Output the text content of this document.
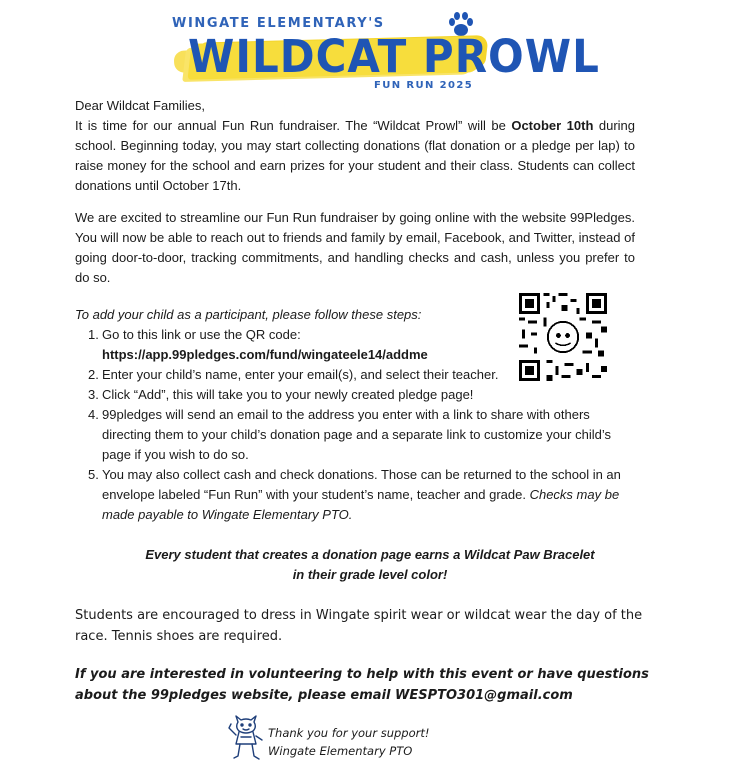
WINGATE ELEMENTARY'S
WILDCAT PROWL
FUN RUN 2025
Dear Wildcat Families,
It is time for our annual Fun Run fundraiser. The “Wildcat Prowl” will be October 10th during school. Beginning today, you may start collecting donations (flat donation or a pledge per lap) to raise money for the school and earn prizes for your student and their class. Students can collect donations until October 17th.
We are excited to streamline our Fun Run fundraiser by going online with the website 99Pledges. You will now be able to reach out to friends and family by email, Facebook, and Twitter, instead of going door-to-door, tracking commitments, and handling checks and cash, unless you prefer to do so.
To add your child as a participant, please follow these steps:
1. Go to this link or use the QR code:
https://app.99pledges.com/fund/wingateele14/addme
2. Enter your child’s name, enter your email(s), and select their teacher.
3. Click “Add”, this will take you to your newly created pledge page!
4. 99pledges will send an email to the address you enter with a link to share with others directing them to your child’s donation page and a separate link to customize your child’s page if you wish to do so.
5. You may also collect cash and check donations. Those can be returned to the school in an envelope labeled “Fun Run” with your student’s name, teacher and grade. Checks may be made payable to Wingate Elementary PTO.
Every student that creates a donation page earns a Wildcat Paw Bracelet
in their grade level color!
Students are encouraged to dress in Wingate spirit wear or wildcat wear the day of the race. Tennis shoes are required.
If you are interested in volunteering to help with this event or have questions about the 99pledges website, please email WESPTO301@gmail.com
Thank you for your support!
Wingate Elementary PTO
